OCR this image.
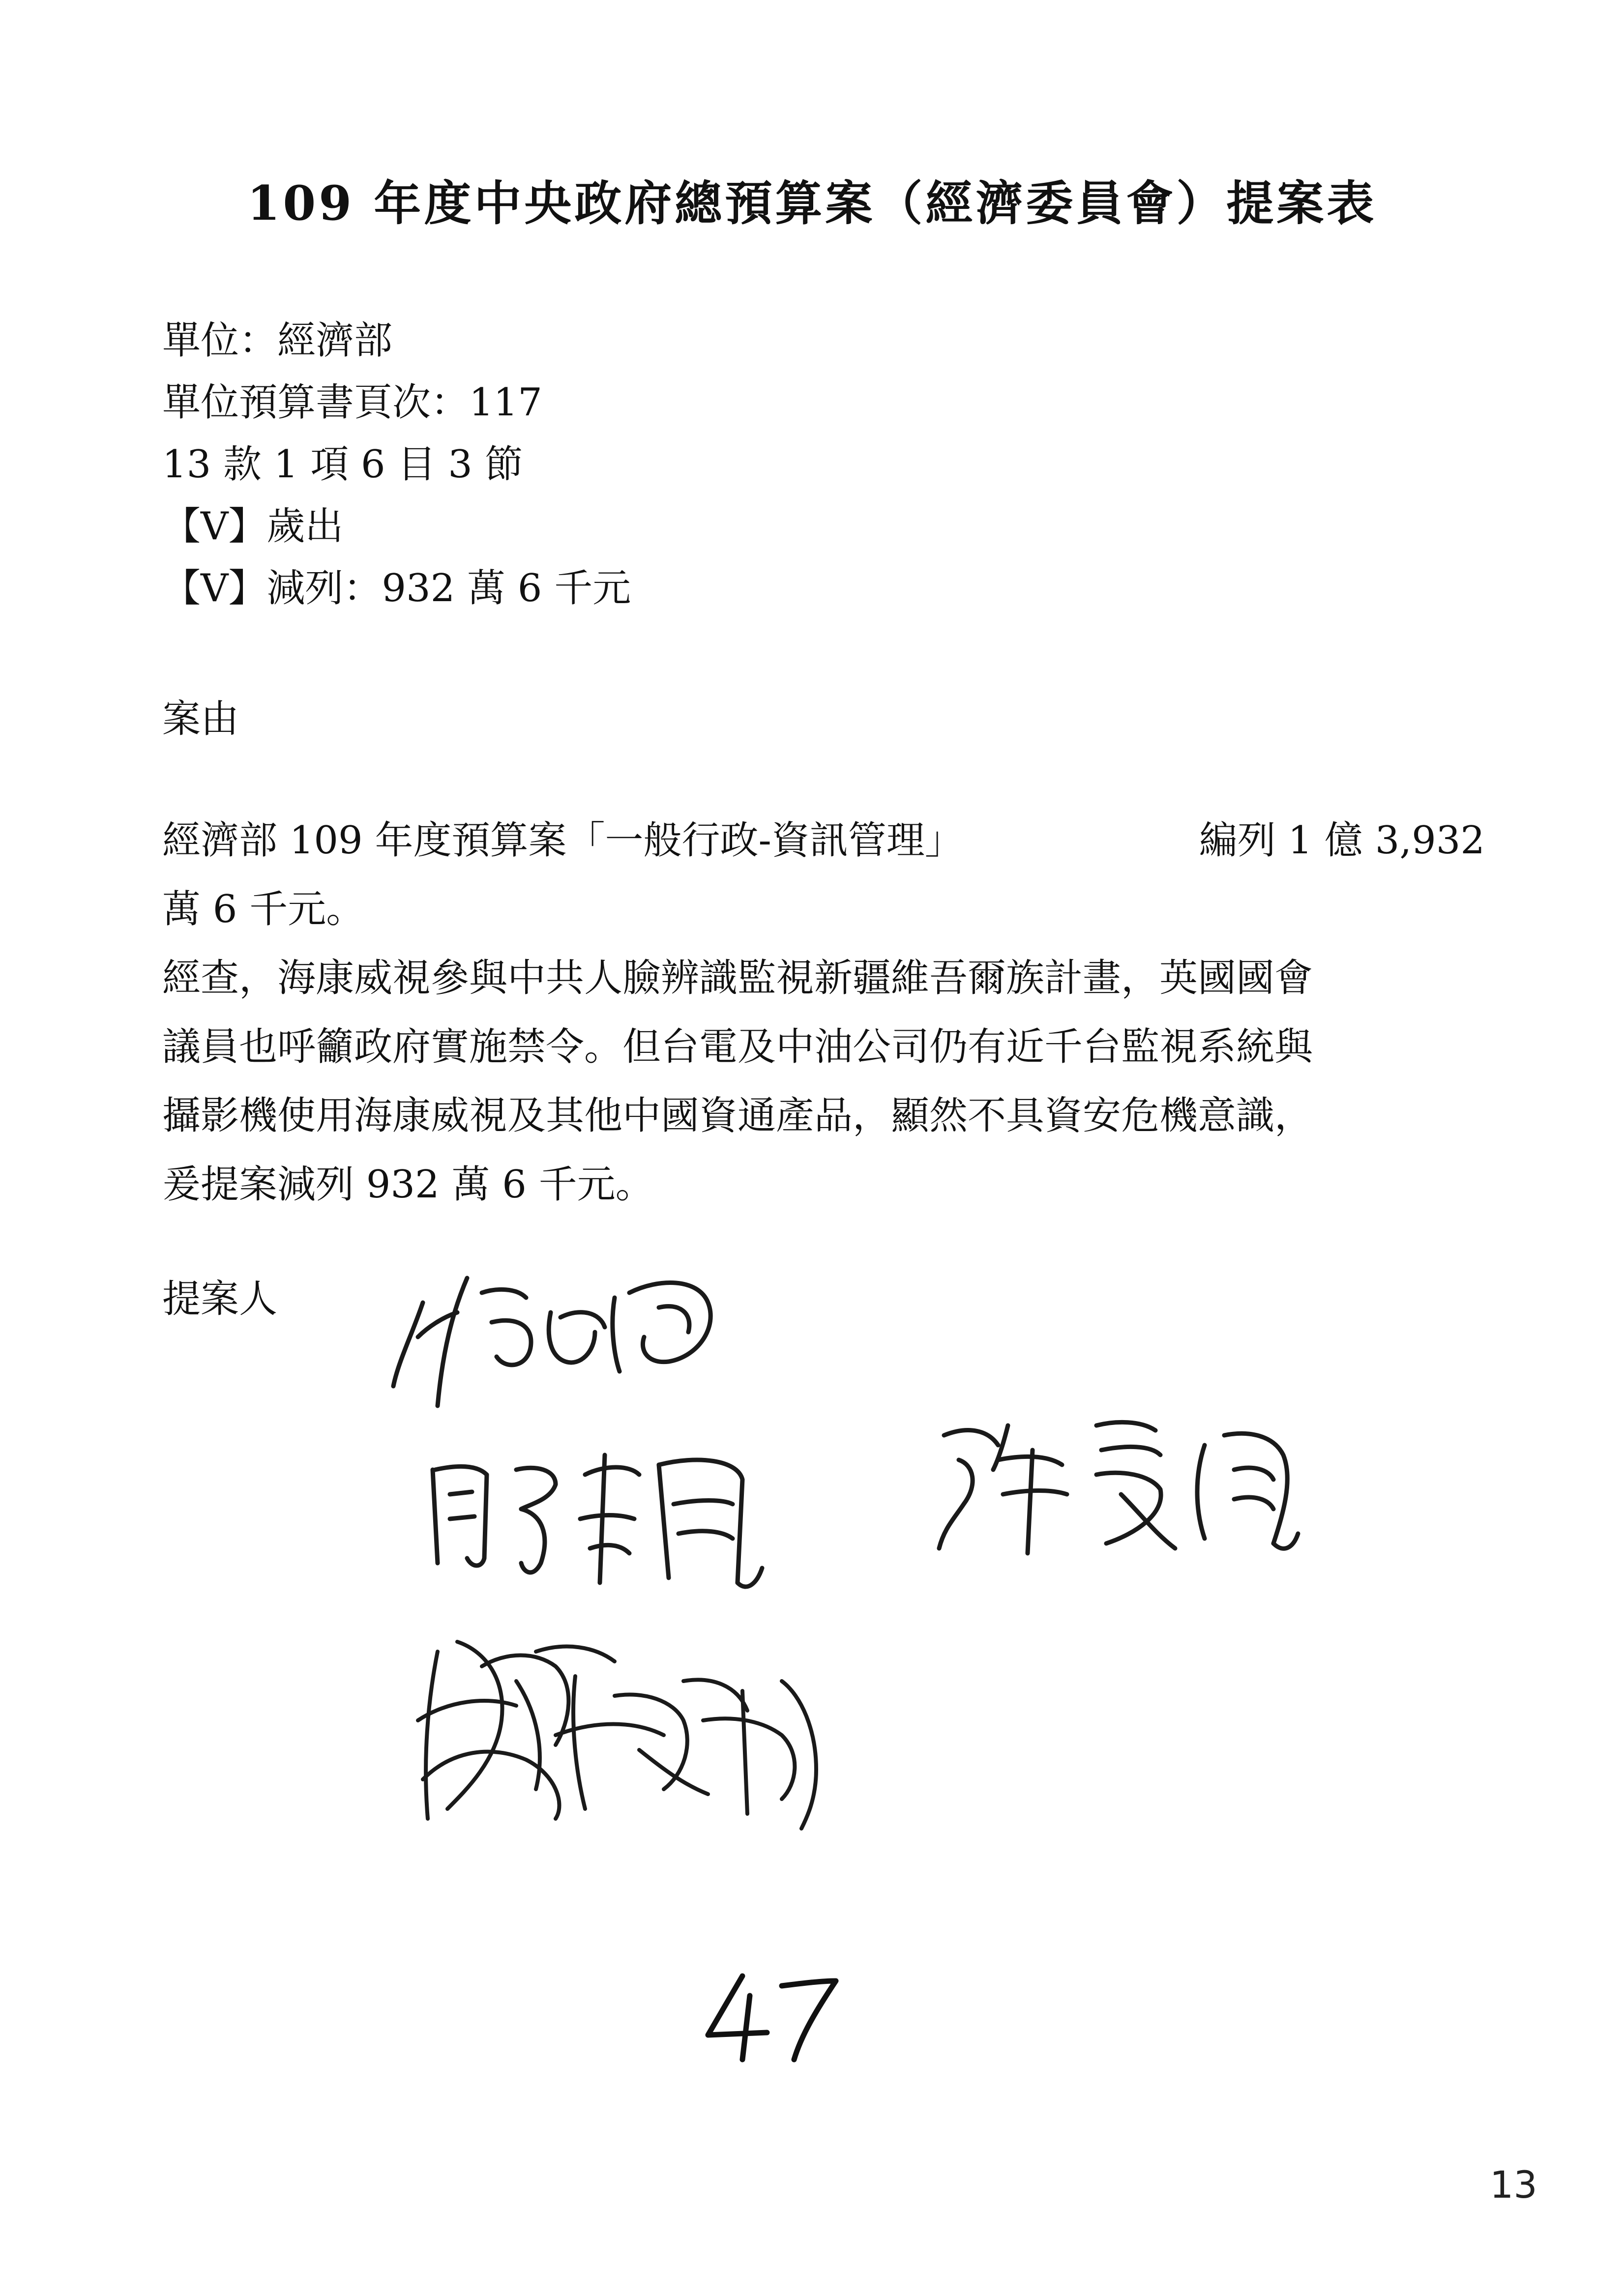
109 年度中央政府總預算案（經濟委員會）提案表
單位：經濟部
單位預算書頁次：117
13 款 1 項 6 目 3 節
【V】歲出
【V】減列：932 萬 6 千元
案由
經濟部 109 年度預算案「一般行政-資訊管理」	編列 1 億 3,932
萬 6 千元。
經查，海康威視參與中共人臉辨識監視新疆維吾爾族計畫，英國國會
議員也呼籲政府實施禁令。但台電及中油公司仍有近千台監視系統與
攝影機使用海康威視及其他中國資通產品，顯然不具資安危機意識，
爰提案減列 932 萬 6 千元。
提案人
13
